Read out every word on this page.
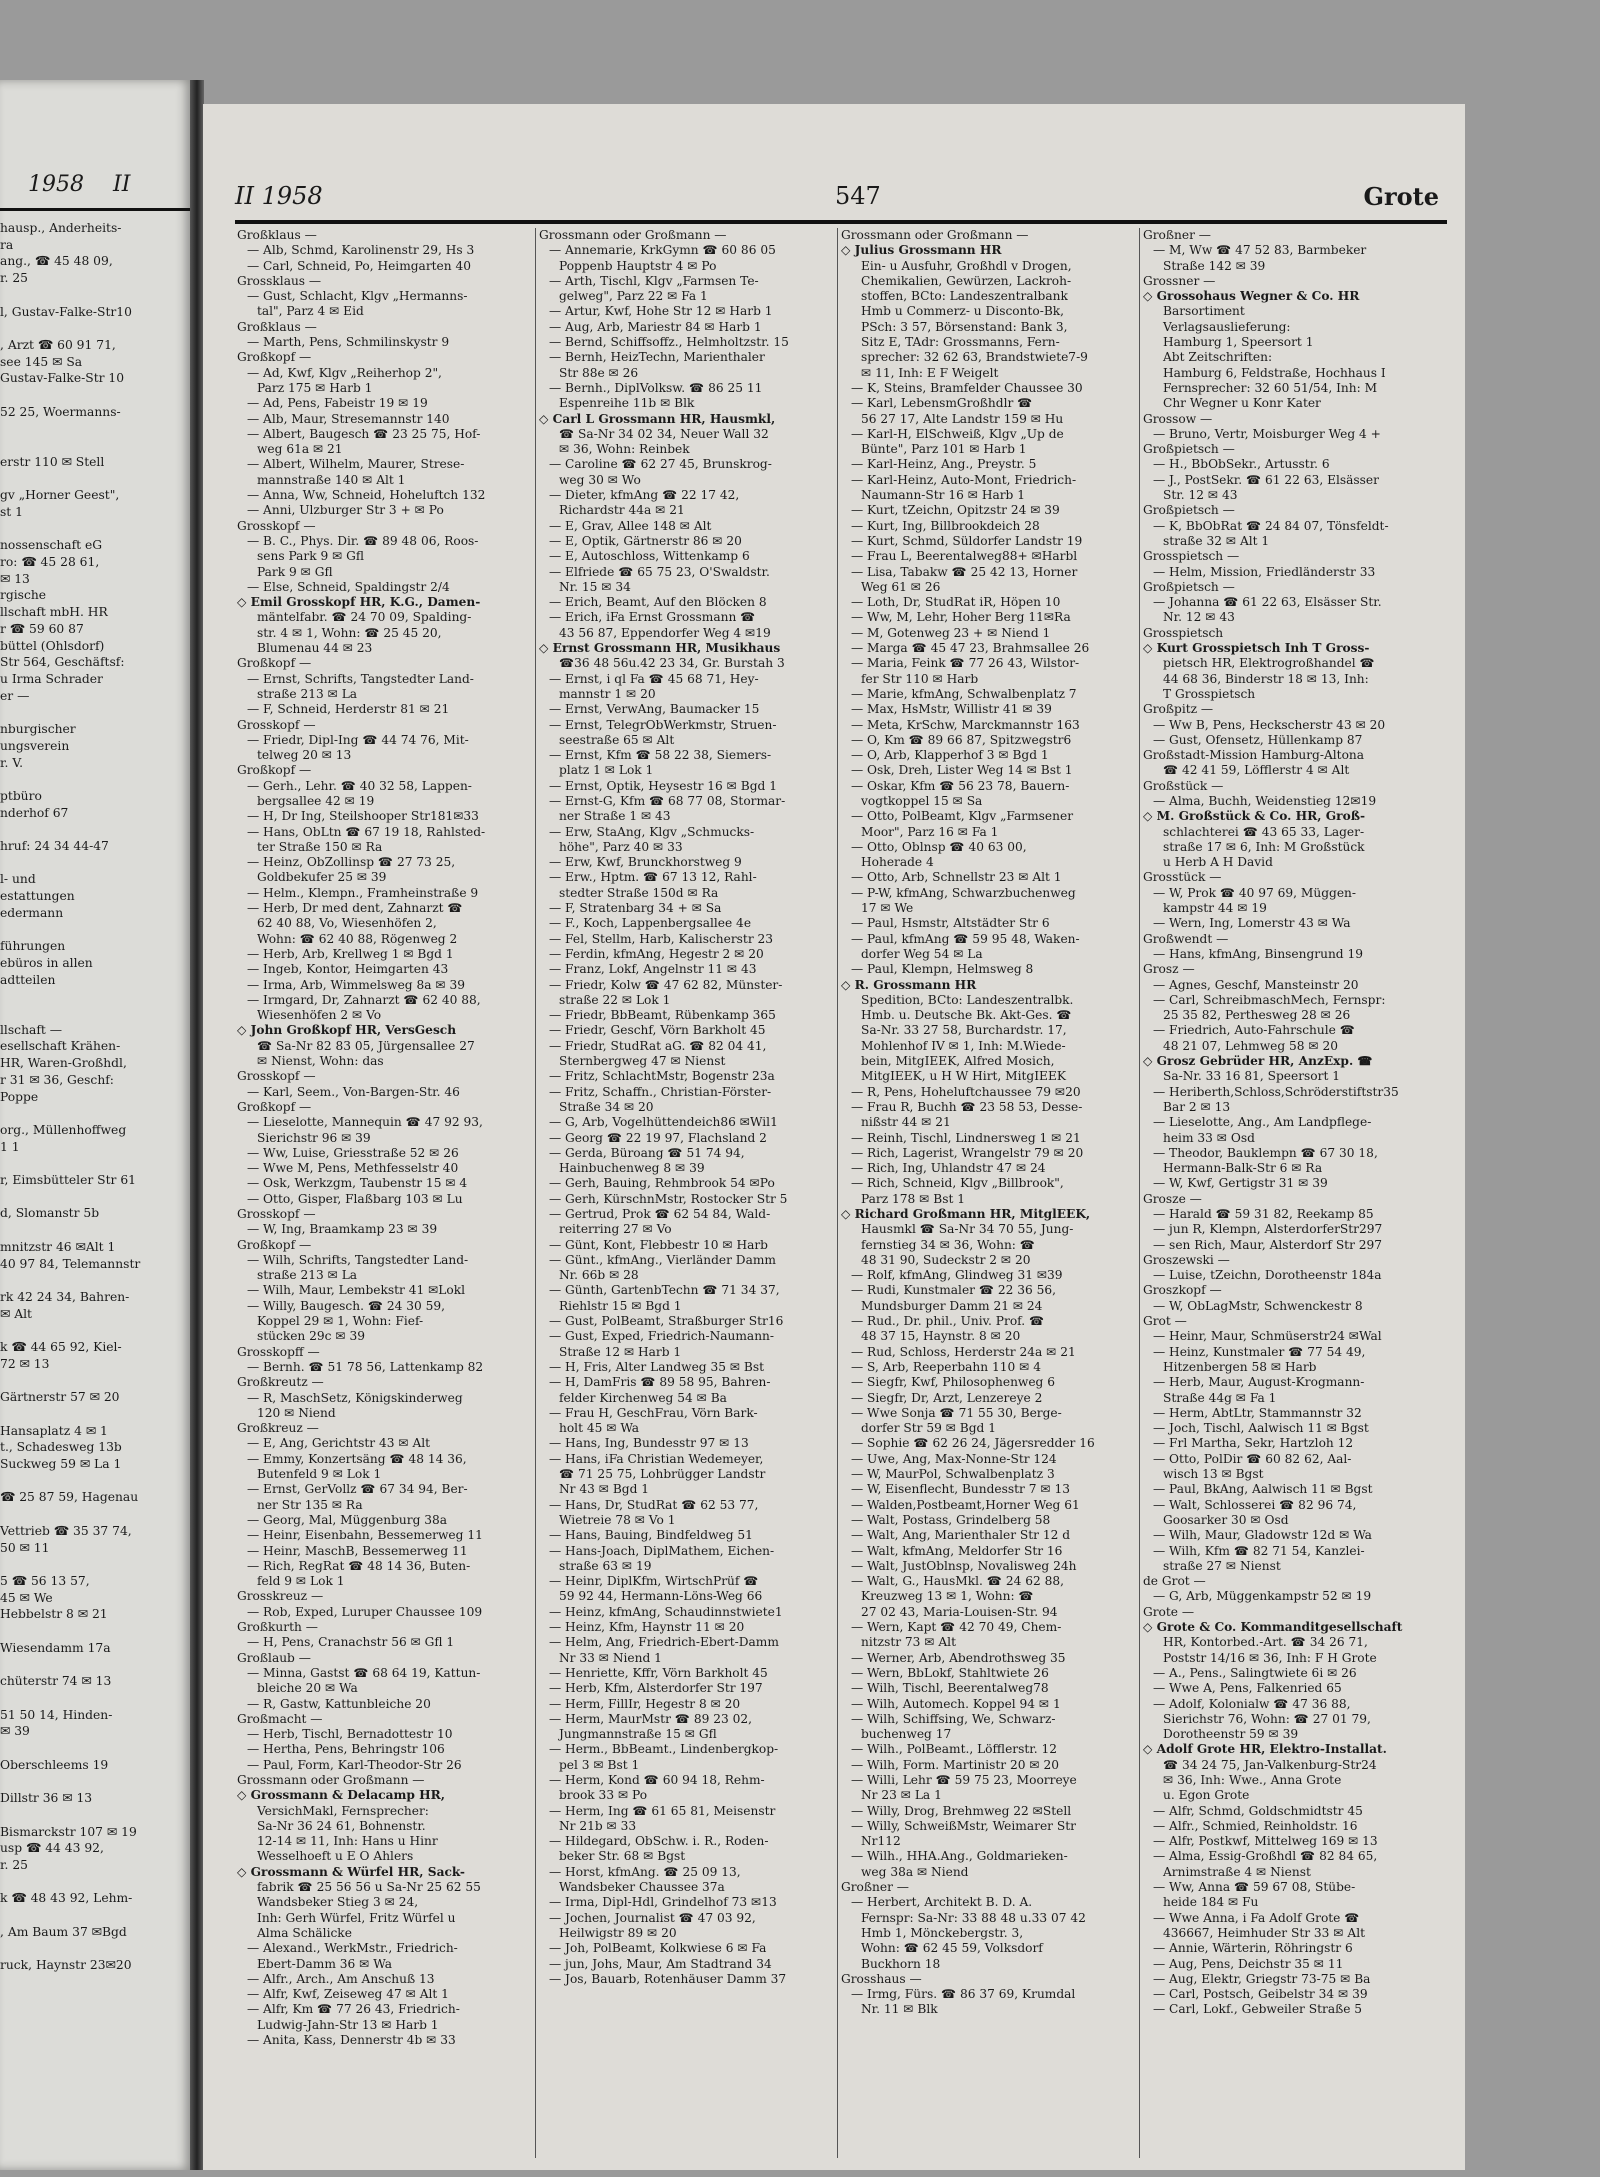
1958 II
hausp., Anderheits-
ra
ang., ☎ 45 48 09,
r. 25

l, Gustav-Falke-Str10

, Arzt ☎ 60 91 71,
see 145 ✉ Sa
Gustav-Falke-Str 10

52 25, Woermanns-

erstr 110 ✉ Stell

gv „Horner Geest",
st 1

nossenschaft eG
ro: ☎ 45 28 61,
✉ 13
rgische
llschaft mbH. HR
r ☎ 59 60 87
büttel (Ohlsdorf)
Str 564, Geschäftsf:
u Irma Schrader
er —

nburgischer
ungsverein
r. V.

ptbüro
nderhof 67

hruf: 24 34 44-47

l- und
estattungen
edermann

führungen
ebüros in allen
adtteilen

llschaft —
esellschaft Krähen-
HR, Waren-Großhdl,
r 31 ✉ 36, Geschf:
Poppe

org., Müllenhoffweg
1 1

r, Eimsbütteler Str 61

d, Slomanstr 5b

mnitzstr 46 ✉Alt 1
40 97 84, Telemannstr

rk 42 24 34, Bahren-
✉ Alt

k ☎ 44 65 92, Kiel-
72 ✉ 13

Gärtnerstr 57 ✉ 20

Hansaplatz 4 ✉ 1
t., Schadesweg 13b
Suckweg 59 ✉ La 1

☎ 25 87 59, Hagenau

Vettrieb ☎ 35 37 74,
50 ✉ 11

5 ☎ 56 13 57,
45 ✉ We
Hebbelstr 8 ✉ 21

Wiesendamm 17a

chüterstr 74 ✉ 13

51 50 14, Hinden-
✉ 39

Oberschleems 19

Dillstr 36 ✉ 13

Bismarckstr 107 ✉ 19
usp ☎ 44 43 92,
r. 25

k ☎ 48 43 92, Lehm-

, Am Baum 37 ✉Bgd

ruck, Haynstr 23✉20
II 1958	547	Grote
Großklaus —
— Alb, Schmd, Karolinenstr 29, Hs 3
— Carl, Schneid, Po, Heimgarten 40
Grossklaus —
— Gust, Schlacht, Klgv „Hermanns-
tal", Parz 4 ✉ Eid
Großklaus —
— Marth, Pens, Schmilinskystr 9
Großkopf —
— Ad, Kwf, Klgv „Reiherhop 2",
Parz 175 ✉ Harb 1
— Ad, Pens, Fabeistr 19 ✉ 19
— Alb, Maur, Stresemannstr 140
— Albert, Baugesch ☎ 23 25 75, Hof-
weg 61a ✉ 21
— Albert, Wilhelm, Maurer, Strese-
mannstraße 140 ✉ Alt 1
— Anna, Ww, Schneid, Hoheluftch 132
— Anni, Ulzburger Str 3 + ✉ Po
Grosskopf —
— B. C., Phys. Dir. ☎ 89 48 06, Roos-
sens Park 9 ✉ Gfl
Park 9 ✉ Gfl
— Else, Schneid, Spaldingstr 2/4
◇ Emil Grosskopf HR, K.G., Damen-
mäntelfabr. ☎ 24 70 09, Spalding-
str. 4 ✉ 1, Wohn: ☎ 25 45 20,
Blumenau 44 ✉ 23
Großkopf —
— Ernst, Schrifts, Tangstedter Land-
straße 213 ✉ La
— F, Schneid, Herderstr 81 ✉ 21
Grosskopf —
— Friedr, Dipl-Ing ☎ 44 74 76, Mit-
telweg 20 ✉ 13
Großkopf —
— Gerh., Lehr. ☎ 40 32 58, Lappen-
bergsallee 42 ✉ 19
— H, Dr Ing, Steilshooper Str181✉33
— Hans, ObLtn ☎ 67 19 18, Rahlsted-
ter Straße 150 ✉ Ra
— Heinz, ObZollinsp ☎ 27 73 25,
Goldbekufer 25 ✉ 39
— Helm., Klempn., Framheinstraße 9
— Herb, Dr med dent, Zahnarzt ☎
62 40 88, Vo, Wiesenhöfen 2,
Wohn: ☎ 62 40 88, Rögenweg 2
— Herb, Arb, Krellweg 1 ✉ Bgd 1
— Ingeb, Kontor, Heimgarten 43
— Irma, Arb, Wimmelsweg 8a ✉ 39
— Irmgard, Dr, Zahnarzt ☎ 62 40 88,
Wiesenhöfen 2 ✉ Vo
◇ John Großkopf HR, VersGesch
☎ Sa-Nr 82 83 05, Jürgensallee 27
✉ Nienst, Wohn: das
Grosskopf —
— Karl, Seem., Von-Bargen-Str. 46
Großkopf —
— Lieselotte, Mannequin ☎ 47 92 93,
Sierichstr 96 ✉ 39
— Ww, Luise, Griesstraße 52 ✉ 26
— Wwe M, Pens, Methfesselstr 40
— Osk, Werkzgm, Taubenstr 15 ✉ 4
— Otto, Gisper, Flaßbarg 103 ✉ Lu
Grosskopf —
— W, Ing, Braamkamp 23 ✉ 39
Großkopf —
— Wilh, Schrifts, Tangstedter Land-
straße 213 ✉ La
— Wilh, Maur, Lembekstr 41 ✉Lokl
— Willy, Baugesch. ☎ 24 30 59,
Koppel 29 ✉ 1, Wohn: Fief-
stücken 29c ✉ 39
Grosskopff —
— Bernh. ☎ 51 78 56, Lattenkamp 82
Großkreutz —
— R, MaschSetz, Königskinderweg
120 ✉ Niend
Großkreuz —
— E, Ang, Gerichtstr 43 ✉ Alt
— Emmy, Konzertsäng ☎ 48 14 36,
Butenfeld 9 ✉ Lok 1
— Ernst, GerVollz ☎ 67 34 94, Ber-
ner Str 135 ✉ Ra
— Georg, Mal, Müggenburg 38a
— Heinr, Eisenbahn, Bessemerweg 11
— Heinr, MaschB, Bessemerweg 11
— Rich, RegRat ☎ 48 14 36, Buten-
feld 9 ✉ Lok 1
Grosskreuz —
— Rob, Exped, Luruper Chaussee 109
Großkurth —
— H, Pens, Cranachstr 56 ✉ Gfl 1
Großlaub —
— Minna, Gastst ☎ 68 64 19, Kattun-
bleiche 20 ✉ Wa
— R, Gastw, Kattunbleiche 20
Großmacht —
— Herb, Tischl, Bernadottestr 10
— Hertha, Pens, Behringstr 106
— Paul, Form, Karl-Theodor-Str 26
Grossmann oder Großmann —
◇ Grossmann & Delacamp HR,
VersichMakl, Fernsprecher:
Sa-Nr 36 24 61, Bohnenstr.
12-14 ✉ 11, Inh: Hans u Hinr
Wesselhoeft u E O Ahlers
◇ Grossmann & Würfel HR, Sack-
fabrik ☎ 25 56 56 u Sa-Nr 25 62 55
Wandsbeker Stieg 3 ✉ 24,
Inh: Gerh Würfel, Fritz Würfel u
Alma Schälicke
— Alexand., WerkMstr., Friedrich-
Ebert-Damm 36 ✉ Wa
— Alfr., Arch., Am Anschuß 13
— Alfr, Kwf, Zeiseweg 47 ✉ Alt 1
— Alfr, Km ☎ 77 26 43, Friedrich-
Ludwig-Jahn-Str 13 ✉ Harb 1
— Anita, Kass, Dennerstr 4b ✉ 33
Grossmann oder Großmann —
— Annemarie, KrkGymn ☎ 60 86 05
Poppenb Hauptstr 4 ✉ Po
— Arth, Tischl, Klgv „Farmsen Te-
gelweg", Parz 22 ✉ Fa 1
— Artur, Kwf, Hohe Str 12 ✉ Harb 1
— Aug, Arb, Mariestr 84 ✉ Harb 1
— Bernd, Schiffsoffz., Helmholtzstr. 15
— Bernh, HeizTechn, Marienthaler
Str 88e ✉ 26
— Bernh., DiplVolksw. ☎ 86 25 11
Espenreihe 11b ✉ Blk
◇ Carl L Grossmann HR, Hausmkl,
☎ Sa-Nr 34 02 34, Neuer Wall 32
✉ 36, Wohn: Reinbek
— Caroline ☎ 62 27 45, Brunskrog-
weg 30 ✉ Wo
— Dieter, kfmAng ☎ 22 17 42,
Richardstr 44a ✉ 21
— E, Grav, Allee 148 ✉ Alt
— E, Optik, Gärtnerstr 86 ✉ 20
— E, Autoschloss, Wittenkamp 6
— Elfriede ☎ 65 75 23, O'Swaldstr.
Nr. 15 ✉ 34
— Erich, Beamt, Auf den Blöcken 8
— Erich, iFa Ernst Grossmann ☎
43 56 87, Eppendorfer Weg 4 ✉19
◇ Ernst Grossmann HR, Musikhaus
☎36 48 56u.42 23 34, Gr. Burstah 3
— Ernst, i ql Fa ☎ 45 68 71, Hey-
mannstr 1 ✉ 20
— Ernst, VerwAng, Baumacker 15
— Ernst, TelegrObWerkmstr, Struen-
seestraße 65 ✉ Alt
— Ernst, Kfm ☎ 58 22 38, Siemers-
platz 1 ✉ Lok 1
— Ernst, Optik, Heysestr 16 ✉ Bgd 1
— Ernst-G, Kfm ☎ 68 77 08, Stormar-
ner Straße 1 ✉ 43
— Erw, StaAng, Klgv „Schmucks-
höhe", Parz 40 ✉ 33
— Erw, Kwf, Brunckhorstweg 9
— Erw., Hptm. ☎ 67 13 12, Rahl-
stedter Straße 150d ✉ Ra
— F, Stratenbarg 34 + ✉ Sa
— F., Koch, Lappenbergsallee 4e
— Fel, Stellm, Harb, Kalischerstr 23
— Ferdin, kfmAng, Hegestr 2 ✉ 20
— Franz, Lokf, Angelnstr 11 ✉ 43
— Friedr, Kolw ☎ 47 62 82, Münster-
straße 22 ✉ Lok 1
— Friedr, BbBeamt, Rübenkamp 365
— Friedr, Geschf, Vörn Barkholt 45
— Friedr, StudRat aG. ☎ 82 04 41,
Sternbergweg 47 ✉ Nienst
— Fritz, SchlachtMstr, Bogenstr 23a
— Fritz, Schaffn., Christian-Förster-
Straße 34 ✉ 20
— G, Arb, Vogelhüttendeich86 ✉Wil1
— Georg ☎ 22 19 97, Flachsland 2
— Gerda, Büroang ☎ 51 74 94,
Hainbuchenweg 8 ✉ 39
— Gerh, Bauing, Rehmbrook 54 ✉Po
— Gerh, KürschnMstr, Rostocker Str 5
— Gertrud, Prok ☎ 62 54 84, Wald-
reiterring 27 ✉ Vo
— Günt, Kont, Flebbestr 10 ✉ Harb
— Günt., kfmAng., Vierländer Damm
Nr. 66b ✉ 28
— Günth, GartenbTechn ☎ 71 34 37,
Riehlstr 15 ✉ Bgd 1
— Gust, PolBeamt, Straßburger Str16
— Gust, Exped, Friedrich-Naumann-
Straße 12 ✉ Harb 1
— H, Fris, Alter Landweg 35 ✉ Bst
— H, DamFris ☎ 89 58 95, Bahren-
felder Kirchenweg 54 ✉ Ba
— Frau H, GeschFrau, Vörn Bark-
holt 45 ✉ Wa
— Hans, Ing, Bundesstr 97 ✉ 13
— Hans, iFa Christian Wedemeyer,
☎ 71 25 75, Lohbrügger Landstr
Nr 43 ✉ Bgd 1
— Hans, Dr, StudRat ☎ 62 53 77,
Wietreie 78 ✉ Vo 1
— Hans, Bauing, Bindfeldweg 51
— Hans-Joach, DiplMathem, Eichen-
straße 63 ✉ 19
— Heinr, DiplKfm, WirtschPrüf ☎
59 92 44, Hermann-Löns-Weg 66
— Heinz, kfmAng, Schaudinnstwiete1
— Heinz, Kfm, Haynstr 11 ✉ 20
— Helm, Ang, Friedrich-Ebert-Damm
Nr 33 ✉ Niend 1
— Henriette, Kffr, Vörn Barkholt 45
— Herb, Kfm, Alsterdorfer Str 197
— Herm, FillIr, Hegestr 8 ✉ 20
— Herm, MaurMstr ☎ 89 23 02,
Jungmannstraße 15 ✉ Gfl
— Herm., BbBeamt., Lindenbergkop-
pel 3 ✉ Bst 1
— Herm, Kond ☎ 60 94 18, Rehm-
brook 33 ✉ Po
— Herm, Ing ☎ 61 65 81, Meisenstr
Nr 21b ✉ 33
— Hildegard, ObSchw. i. R., Roden-
beker Str. 68 ✉ Bgst
— Horst, kfmAng. ☎ 25 09 13,
Wandsbeker Chaussee 37a
— Irma, Dipl-Hdl, Grindelhof 73 ✉13
— Jochen, Journalist ☎ 47 03 92,
Heilwigstr 89 ✉ 20
— Joh, PolBeamt, Kolkwiese 6 ✉ Fa
— jun, Johs, Maur, Am Stadtrand 34
— Jos, Bauarb, Rotenhäuser Damm 37
Grossmann oder Großmann —
◇ Julius Grossmann HR
Ein- u Ausfuhr, Großhdl v Drogen,
Chemikalien, Gewürzen, Lackroh-
stoffen, BCto: Landeszentralbank
Hmb u Commerz- u Disconto-Bk,
PSch: 3 57, Börsenstand: Bank 3,
Sitz E, TAdr: Grossmanns, Fern-
sprecher: 32 62 63, Brandstwiete7-9
✉ 11, Inh: E F Weigelt
— K, Steins, Bramfelder Chaussee 30
— Karl, LebensmGroßhdlr ☎
56 27 17, Alte Landstr 159 ✉ Hu
— Karl-H, ElSchweiß, Klgv „Up de
Bünte", Parz 101 ✉ Harb 1
— Karl-Heinz, Ang., Preystr. 5
— Karl-Heinz, Auto-Mont, Friedrich-
Naumann-Str 16 ✉ Harb 1
— Kurt, tZeichn, Opitzstr 24 ✉ 39
— Kurt, Ing, Billbrookdeich 28
— Kurt, Schmd, Süldorfer Landstr 19
— Frau L, Beerentalweg88+ ✉Harbl
— Lisa, Tabakw ☎ 25 42 13, Horner
Weg 61 ✉ 26
— Loth, Dr, StudRat iR, Höpen 10
— Ww, M, Lehr, Hoher Berg 11✉Ra
— M, Gotenweg 23 + ✉ Niend 1
— Marga ☎ 45 47 23, Brahmsallee 26
— Maria, Feink ☎ 77 26 43, Wilstor-
fer Str 110 ✉ Harb
— Marie, kfmAng, Schwalbenplatz 7
— Max, HsMstr, Willistr 41 ✉ 39
— Meta, KrSchw, Marckmannstr 163
— O, Km ☎ 89 66 87, Spitzwegstr6
— O, Arb, Klapperhof 3 ✉ Bgd 1
— Osk, Dreh, Lister Weg 14 ✉ Bst 1
— Oskar, Kfm ☎ 56 23 78, Bauern-
vogtkoppel 15 ✉ Sa
— Otto, PolBeamt, Klgv „Farmsener
Moor", Parz 16 ✉ Fa 1
— Otto, Oblnsp ☎ 40 63 00,
Hoherade 4
— Otto, Arb, Schnellstr 23 ✉ Alt 1
— P-W, kfmAng, Schwarzbuchenweg
17 ✉ We
— Paul, Hsmstr, Altstädter Str 6
— Paul, kfmAng ☎ 59 95 48, Waken-
dorfer Weg 54 ✉ La
— Paul, Klempn, Helmsweg 8
◇ R. Grossmann HR
Spedition, BCto: Landeszentralbk.
Hmb. u. Deutsche Bk. Akt-Ges. ☎
Sa-Nr. 33 27 58, Burchardstr. 17,
Mohlenhof IV ✉ 1, Inh: M.Wiede-
bein, MitgIEEK, Alfred Mosich,
MitgIEEK, u H W Hirt, MitgIEEK
— R, Pens, Hoheluftchaussee 79 ✉20
— Frau R, Buchh ☎ 23 58 53, Desse-
nißstr 44 ✉ 21
— Reinh, Tischl, Lindnersweg 1 ✉ 21
— Rich, Lagerist, Wrangelstr 79 ✉ 20
— Rich, Ing, Uhlandstr 47 ✉ 24
— Rich, Schneid, Klgv „Billbrook",
Parz 178 ✉ Bst 1
◇ Richard Großmann HR, MitglEEK,
Hausmkl ☎ Sa-Nr 34 70 55, Jung-
fernstieg 34 ✉ 36, Wohn: ☎
48 31 90, Sudeckstr 2 ✉ 20
— Rolf, kfmAng, Glindweg 31 ✉39
— Rudi, Kunstmaler ☎ 22 36 56,
Mundsburger Damm 21 ✉ 24
— Rud., Dr. phil., Univ. Prof. ☎
48 37 15, Haynstr. 8 ✉ 20
— Rud, Schloss, Herderstr 24a ✉ 21
— S, Arb, Reeperbahn 110 ✉ 4
— Siegfr, Kwf, Philosophenweg 6
— Siegfr, Dr, Arzt, Lenzereye 2
— Wwe Sonja ☎ 71 55 30, Berge-
dorfer Str 59 ✉ Bgd 1
— Sophie ☎ 62 26 24, Jägersredder 16
— Uwe, Ang, Max-Nonne-Str 124
— W, MaurPol, Schwalbenplatz 3
— W, Eisenflecht, Bundesstr 7 ✉ 13
— Walden,Postbeamt,Horner Weg 61
— Walt, Postass, Grindelberg 58
— Walt, Ang, Marienthaler Str 12 d
— Walt, kfmAng, Meldorfer Str 16
— Walt, JustOblnsp, Novalisweg 24h
— Walt, G., HausMkl. ☎ 24 62 88,
Kreuzweg 13 ✉ 1, Wohn: ☎
27 02 43, Maria-Louisen-Str. 94
— Wern, Kapt ☎ 42 70 49, Chem-
nitzstr 73 ✉ Alt
— Werner, Arb, Abendrothsweg 35
— Wern, BbLokf, Stahltwiete 26
— Wilh, Tischl, Beerentalweg78
— Wilh, Automech. Koppel 94 ✉ 1
— Wilh, Schiffsing, We, Schwarz-
buchenweg 17
— Wilh., PolBeamt., Löfflerstr. 12
— Wilh, Form. Martinistr 20 ✉ 20
— Willi, Lehr ☎ 59 75 23, Moorreye
Nr 23 ✉ La 1
— Willy, Drog, Brehmweg 22 ✉Stell
— Willy, SchweißMstr, Weimarer Str
Nr112
— Wilh., HHA.Ang., Goldmarieken-
weg 38a ✉ Niend
Großner —
— Herbert, Architekt B. D. A.
Fernspr: Sa-Nr: 33 88 48 u.33 07 42
Hmb 1, Mönckebergstr. 3,
Wohn: ☎ 62 45 59, Volksdorf
Buckhorn 18
Grosshaus —
— Irmg, Fürs. ☎ 86 37 69, Krumdal
Nr. 11 ✉ Blk
Großner —
— M, Ww ☎ 47 52 83, Barmbeker
Straße 142 ✉ 39
Grossner —
◇ Grossohaus Wegner & Co. HR
Barsortiment
Verlagsauslieferung:
Hamburg 1, Speersort 1
Abt Zeitschriften:
Hamburg 6, Feldstraße, Hochhaus I
Fernsprecher: 32 60 51/54, Inh: M
Chr Wegner u Konr Kater
Grossow —
— Bruno, Vertr, Moisburger Weg 4 +
Großpietsch —
— H., BbObSekr., Artusstr. 6
— J., PostSekr. ☎ 61 22 63, Elsässer
Str. 12 ✉ 43
Großpietsch —
— K, BbObRat ☎ 24 84 07, Tönsfeldt-
straße 32 ✉ Alt 1
Grosspietsch —
— Helm, Mission, Friedländerstr 33
Großpietsch —
— Johanna ☎ 61 22 63, Elsässer Str.
Nr. 12 ✉ 43
Grosspietsch
◇ Kurt Grosspietsch Inh T Gross-
pietsch HR, Elektrogroßhandel ☎
44 68 36, Binderstr 18 ✉ 13, Inh:
T Grosspietsch
Großpitz —
— Ww B, Pens, Heckscherstr 43 ✉ 20
— Gust, Ofensetz, Hüllenkamp 87
Großstadt-Mission Hamburg-Altona
☎ 42 41 59, Löfflerstr 4 ✉ Alt
Großstück —
— Alma, Buchh, Weidenstieg 12✉19
◇ M. Großstück & Co. HR, Groß-
schlachterei ☎ 43 65 33, Lager-
straße 17 ✉ 6, Inh: M Großstück
u Herb A H David
Grosstück —
— W, Prok ☎ 40 97 69, Müggen-
kampstr 44 ✉ 19
— Wern, Ing, Lomerstr 43 ✉ Wa
Großwendt —
— Hans, kfmAng, Binsengrund 19
Grosz —
— Agnes, Geschf, Mansteinstr 20
— Carl, SchreibmaschMech, Fernspr:
25 35 82, Perthesweg 28 ✉ 26
— Friedrich, Auto-Fahrschule ☎
48 21 07, Lehmweg 58 ✉ 20
◇ Grosz Gebrüder HR, AnzExp. ☎
Sa-Nr. 33 16 81, Speersort 1
— Heriberth,Schloss,Schröderstiftstr35
Bar 2 ✉ 13
— Lieselotte, Ang., Am Landpflege-
heim 33 ✉ Osd
— Theodor, Bauklempn ☎ 67 30 18,
Hermann-Balk-Str 6 ✉ Ra
— W, Kwf, Gertigstr 31 ✉ 39
Grosze —
— Harald ☎ 59 31 82, Reekamp 85
— jun R, Klempn, AlsterdorferStr297
— sen Rich, Maur, Alsterdorf Str 297
Groszewski —
— Luise, tZeichn, Dorotheenstr 184a
Groszkopf —
— W, ObLagMstr, Schwenckestr 8
Grot —
— Heinr, Maur, Schmüserstr24 ✉Wal
— Heinz, Kunstmaler ☎ 77 54 49,
Hitzenbergen 58 ✉ Harb
— Herb, Maur, August-Krogmann-
Straße 44g ✉ Fa 1
— Herm, AbtLtr, Stammannstr 32
— Joch, Tischl, Aalwisch 11 ✉ Bgst
— Frl Martha, Sekr, Hartzloh 12
— Otto, PolDir ☎ 60 82 62, Aal-
wisch 13 ✉ Bgst
— Paul, BkAng, Aalwisch 11 ✉ Bgst
— Walt, Schlosserei ☎ 82 96 74,
Goosarker 30 ✉ Osd
— Wilh, Maur, Gladowstr 12d ✉ Wa
— Wilh, Kfm ☎ 82 71 54, Kanzlei-
straße 27 ✉ Nienst
de Grot —
— G, Arb, Müggenkampstr 52 ✉ 19
Grote —
◇ Grote & Co. Kommanditgesellschaft
HR, Kontorbed.-Art. ☎ 34 26 71,
Poststr 14/16 ✉ 36, Inh: F H Grote
— A., Pens., Salingtwiete 6i ✉ 26
— Wwe A, Pens, Falkenried 65
— Adolf, Kolonialw ☎ 47 36 88,
Sierichstr 76, Wohn: ☎ 27 01 79,
Dorotheenstr 59 ✉ 39
◇ Adolf Grote HR, Elektro-Installat.
☎ 34 24 75, Jan-Valkenburg-Str24
✉ 36, Inh: Wwe., Anna Grote
u. Egon Grote
— Alfr, Schmd, Goldschmidtstr 45
— Alfr., Schmied, Reinholdstr. 16
— Alfr, Postkwf, Mittelweg 169 ✉ 13
— Alma, Essig-Großhdl ☎ 82 84 65,
Arnimstraße 4 ✉ Nienst
— Ww, Anna ☎ 59 67 08, Stübe-
heide 184 ✉ Fu
— Wwe Anna, i Fa Adolf Grote ☎
436667, Heimhuder Str 33 ✉ Alt
— Annie, Wärterin, Röhringstr 6
— Aug, Pens, Deichstr 35 ✉ 11
— Aug, Elektr, Griegstr 73-75 ✉ Ba
— Carl, Postsch, Geibelstr 34 ✉ 39
— Carl, Lokf., Gebweiler Straße 5
